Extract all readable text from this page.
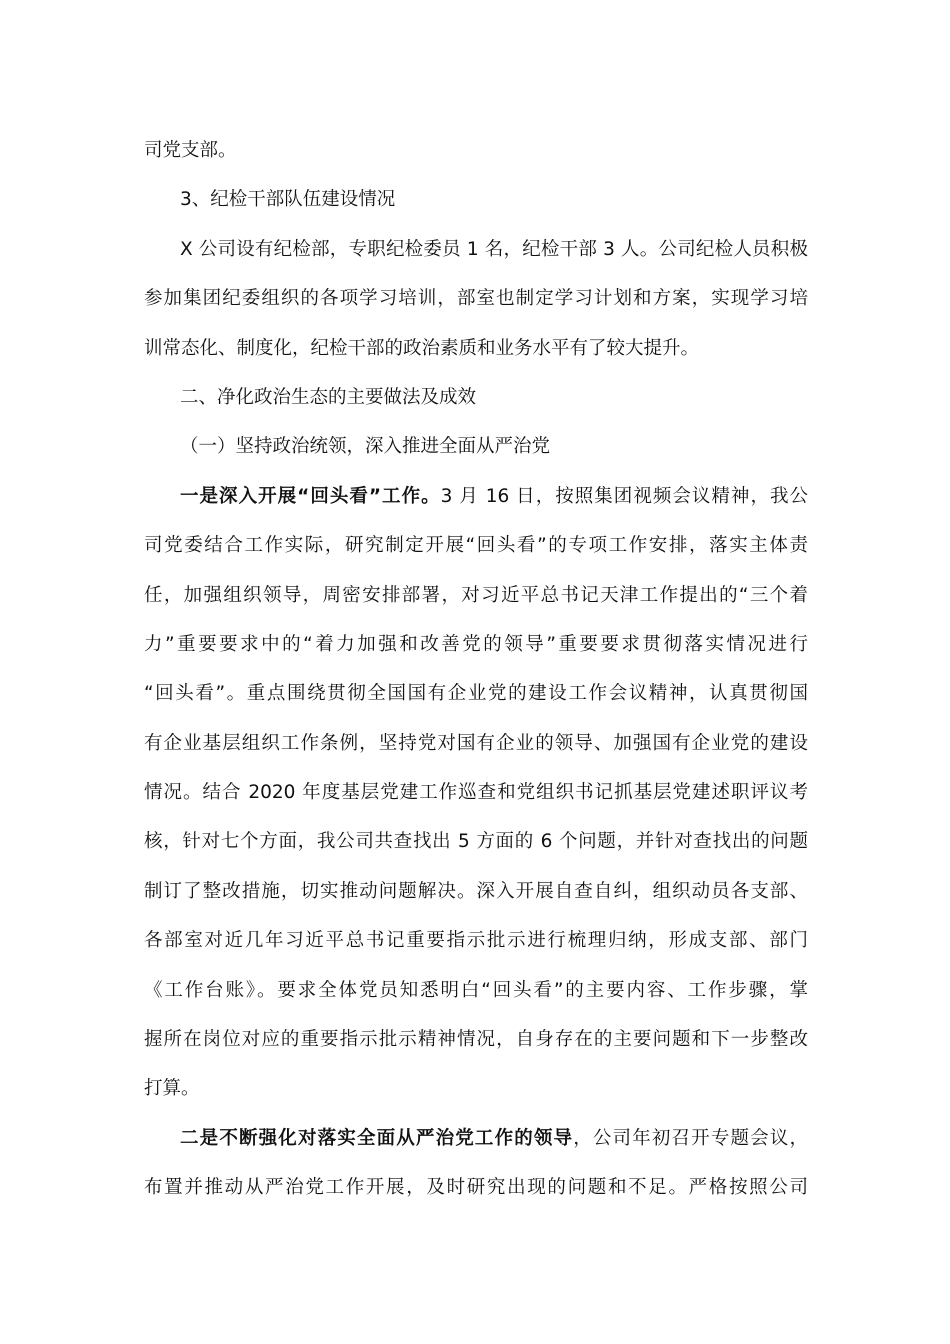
司党支部。
3、纪检干部队伍建设情况
X 公司设有纪检部，专职纪检委员 1 名，纪检干部 3 人。公司纪检人员积极
参加集团纪委组织的各项学习培训，部室也制定学习计划和方案，实现学习培
训常态化、制度化，纪检干部的政治素质和业务水平有了较大提升。
二、净化政治生态的主要做法及成效
（一）坚持政治统领，深入推进全面从严治党
一是深入开展“回头看”工作。3 月 16 日，按照集团视频会议精神，我公
司党委结合工作实际，研究制定开展“回头看”的专项工作安排，落实主体责
任，加强组织领导，周密安排部署，对习近平总书记天津工作提出的“三个着
力”重要要求中的“着力加强和改善党的领导”重要要求贯彻落实情况进行
“回头看”。重点围绕贯彻全国国有企业党的建设工作会议精神，认真贯彻国
有企业基层组织工作条例，坚持党对国有企业的领导、加强国有企业党的建设
情况。结合 2020 年度基层党建工作巡查和党组织书记抓基层党建述职评议考
核，针对七个方面，我公司共查找出 5 方面的 6 个问题，并针对查找出的问题
制订了整改措施，切实推动问题解决。深入开展自查自纠，组织动员各支部、
各部室对近几年习近平总书记重要指示批示进行梳理归纳，形成支部、部门
《工作台账》。要求全体党员知悉明白“回头看”的主要内容、工作步骤，掌
握所在岗位对应的重要指示批示精神情况，自身存在的主要问题和下一步整改
打算。
二是不断强化对落实全面从严治党工作的领导，公司年初召开专题会议，
布置并推动从严治党工作开展，及时研究出现的问题和不足。严格按照公司
